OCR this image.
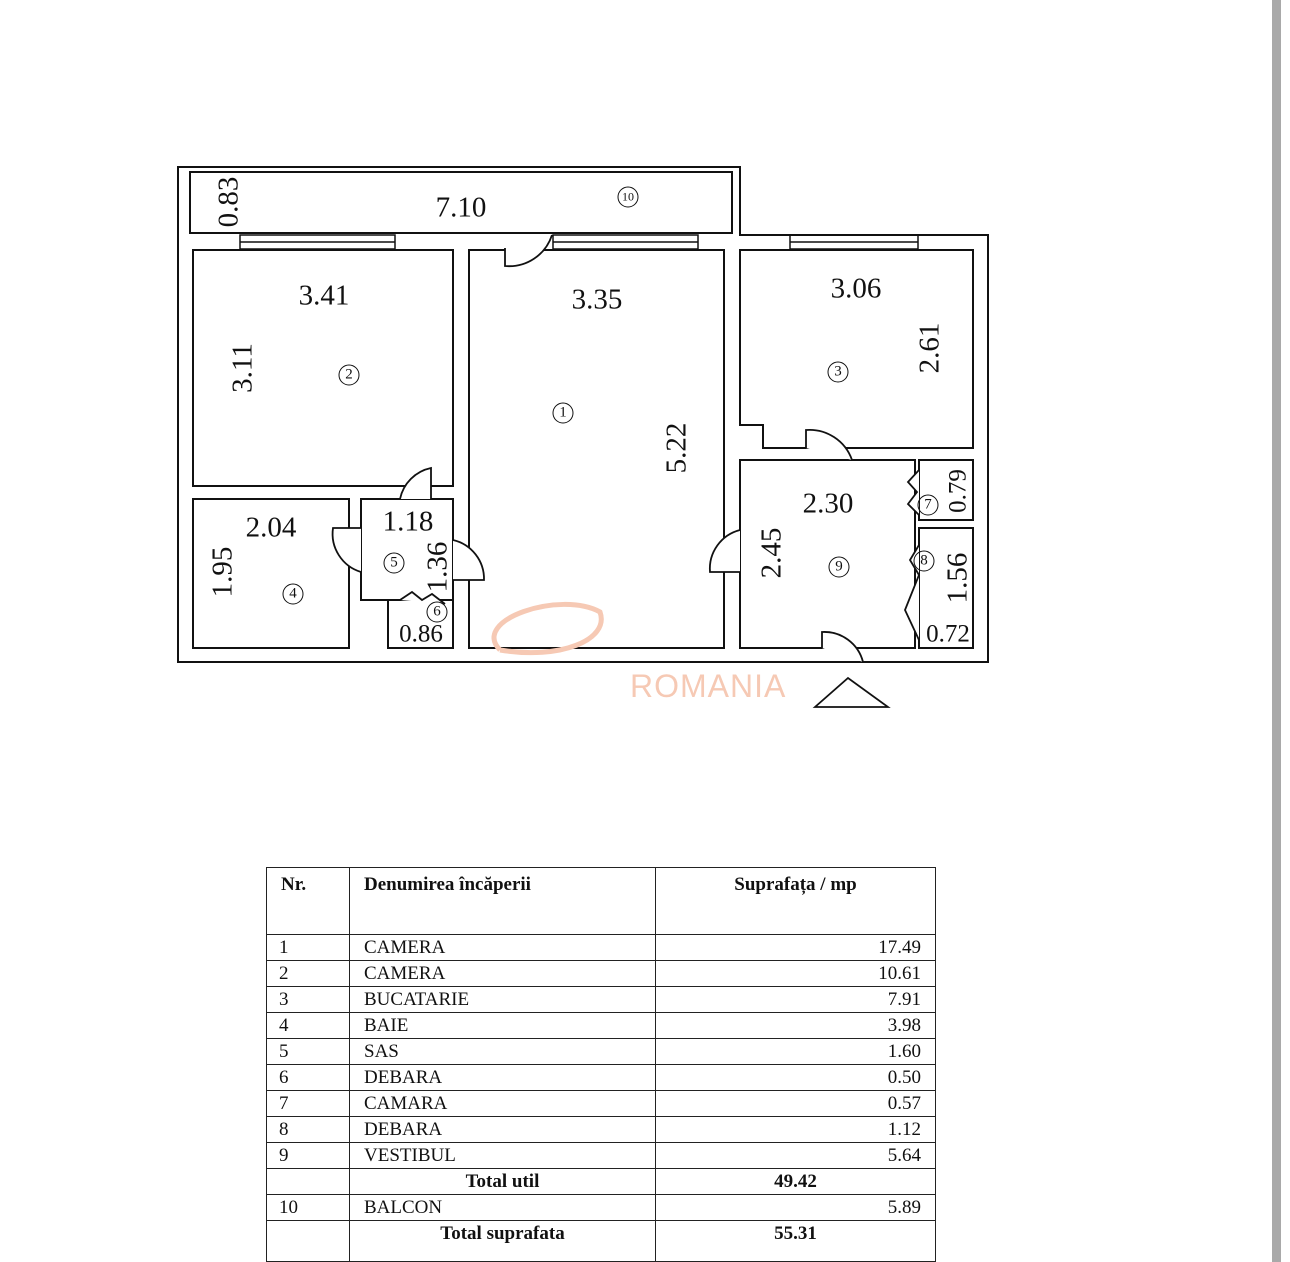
ROMANIA
7.10
0.83
3.41
3.11
3.35
5.22
3.06
2.61
2.04
1.95
1.18
1.36
0.86
2.30
2.45
0.79
1.56
0.72
1
2	3
4
5
6
7
8
9
10
Nr.	Denumirea încăperii	Suprafața / mp
1	CAMERA	17.49
2	CAMERA	10.61
3	BUCATARIE	7.91
4	BAIE	3.98
5	SAS	1.60
6	DEBARA	0.50
7	CAMARA	0.57
8	DEBARA	1.12
9	VESTIBUL	5.64
	Total util	49.42
10	BALCON	5.89
	Total suprafata	55.31
